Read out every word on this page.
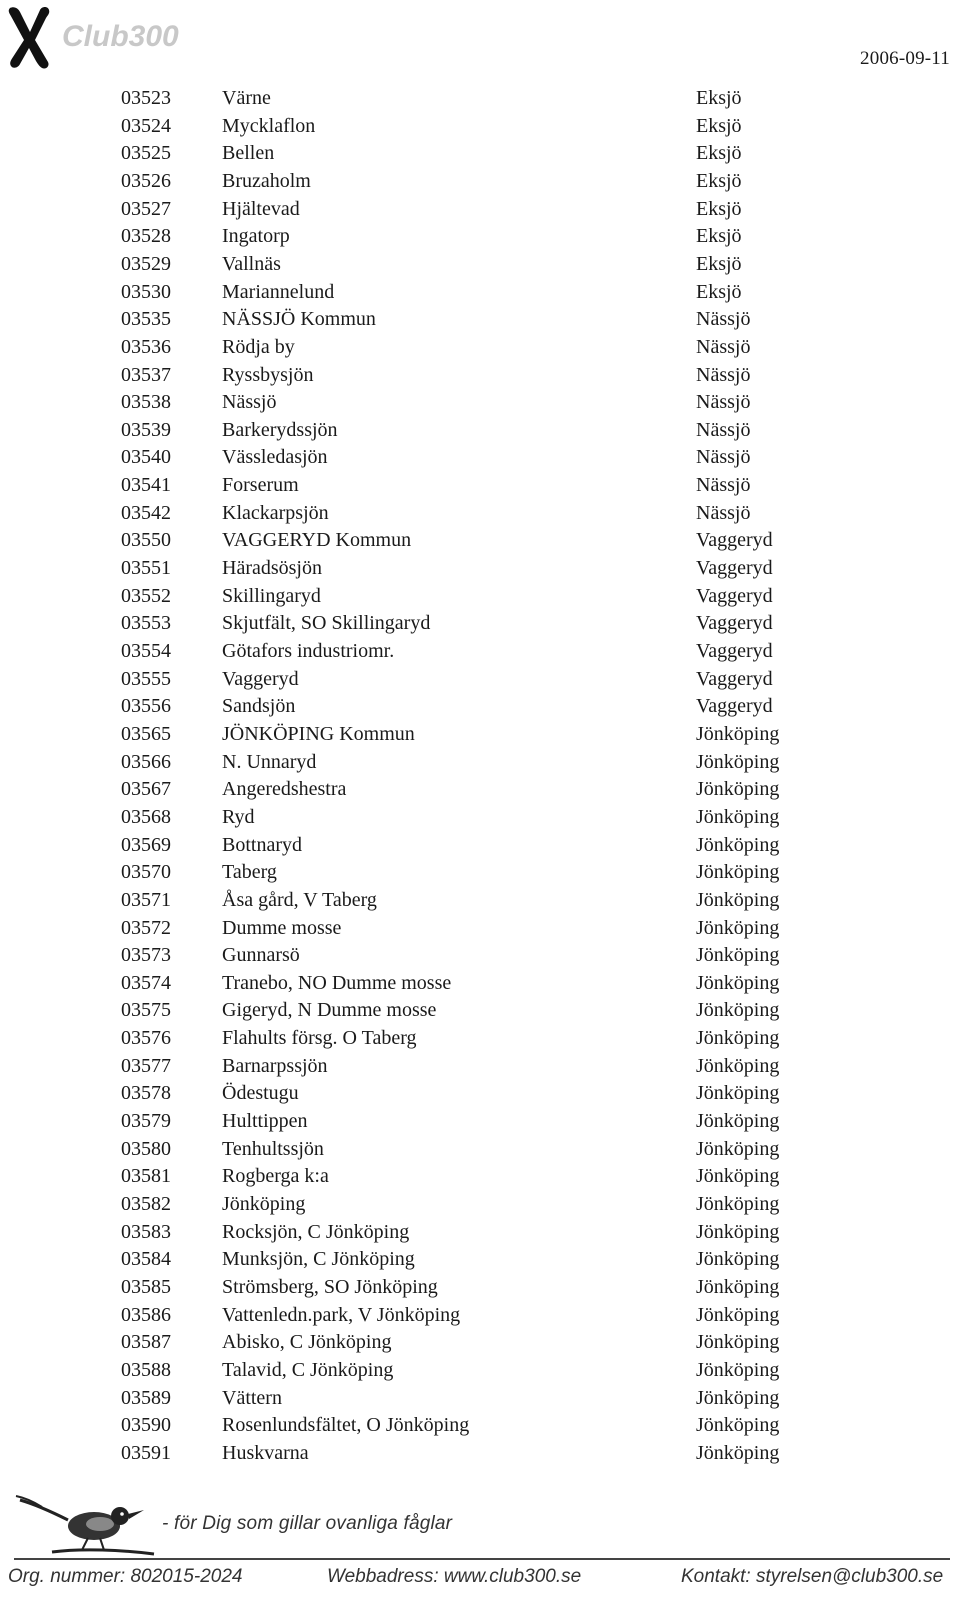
Club300
2006-09-11
03523	Värne	Eksjö
03524	Mycklaflon	Eksjö
03525	Bellen	Eksjö
03526	Bruzaholm	Eksjö
03527	Hjältevad	Eksjö
03528	Ingatorp	Eksjö
03529	Vallnäs	Eksjö
03530	Mariannelund	Eksjö
03535	NÄSSJÖ Kommun	Nässjö
03536	Rödja by	Nässjö
03537	Ryssbysjön	Nässjö
03538	Nässjö	Nässjö
03539	Barkerydssjön	Nässjö
03540	Vässledasjön	Nässjö
03541	Forserum	Nässjö
03542	Klackarpsjön	Nässjö
03550	VAGGERYD Kommun	Vaggeryd
03551	Häradsösjön	Vaggeryd
03552	Skillingaryd	Vaggeryd
03553	Skjutfält, SO Skillingaryd	Vaggeryd
03554	Götafors industriomr.	Vaggeryd
03555	Vaggeryd	Vaggeryd
03556	Sandsjön	Vaggeryd
03565	JÖNKÖPING Kommun	Jönköping
03566	N. Unnaryd	Jönköping
03567	Angeredshestra	Jönköping
03568	Ryd	Jönköping
03569	Bottnaryd	Jönköping
03570	Taberg	Jönköping
03571	Åsa gård, V Taberg	Jönköping
03572	Dumme mosse	Jönköping
03573	Gunnarsö	Jönköping
03574	Tranebo, NO Dumme mosse	Jönköping
03575	Gigeryd, N Dumme mosse	Jönköping
03576	Flahults försg. O Taberg	Jönköping
03577	Barnarpssjön	Jönköping
03578	Ödestugu	Jönköping
03579	Hulttippen	Jönköping
03580	Tenhultssjön	Jönköping
03581	Rogberga k:a	Jönköping
03582	Jönköping	Jönköping
03583	Rocksjön, C Jönköping	Jönköping
03584	Munksjön, C Jönköping	Jönköping
03585	Strömsberg, SO Jönköping	Jönköping
03586	Vattenledn.park, V Jönköping	Jönköping
03587	Abisko, C Jönköping	Jönköping
03588	Talavid, C Jönköping	Jönköping
03589	Vättern	Jönköping
03590	Rosenlundsfältet, O Jönköping	Jönköping
03591	Huskvarna	Jönköping
- för Dig som gillar ovanliga fåglar
Org. nummer: 802015-2024	Webbadress: www.club300.se	Kontakt: styrelsen@club300.se
